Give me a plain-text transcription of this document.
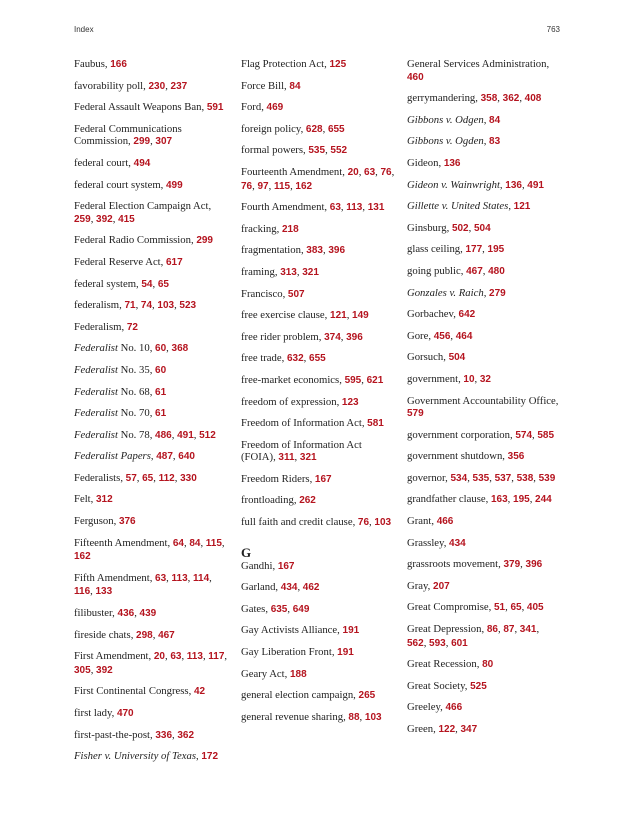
Index	763
Faubus, 166
favorability poll, 230, 237
Federal Assault Weapons Ban, 591
Federal Communications Commission, 299, 307
federal court, 494
federal court system, 499
Federal Election Campaign Act, 259, 392, 415
Federal Radio Commission, 299
Federal Reserve Act, 617
federal system, 54, 65
federalism, 71, 74, 103, 523
Federalism, 72
Federalist No. 10, 60, 368
Federalist No. 35, 60
Federalist No. 68, 61
Federalist No. 70, 61
Federalist No. 78, 486, 491, 512
Federalist Papers, 487, 640
Federalists, 57, 65, 112, 330
Felt, 312
Ferguson, 376
Fifteenth Amendment, 64, 84, 115, 162
Fifth Amendment, 63, 113, 114, 116, 133
filibuster, 436, 439
fireside chats, 298, 467
First Amendment, 20, 63, 113, 117, 305, 392
First Continental Congress, 42
first lady, 470
first-past-the-post, 336, 362
Fisher v. University of Texas, 172
Flag Protection Act, 125
Force Bill, 84
Ford, 469
foreign policy, 628, 655
formal powers, 535, 552
Fourteenth Amendment, 20, 63, 76, 76, 97, 115, 162
Fourth Amendment, 63, 113, 131
fracking, 218
fragmentation, 383, 396
framing, 313, 321
Francisco, 507
free exercise clause, 121, 149
free rider problem, 374, 396
free trade, 632, 655
free-market economics, 595, 621
freedom of expression, 123
Freedom of Information Act, 581
Freedom of Information Act (FOIA), 311, 321
Freedom Riders, 167
frontloading, 262
full faith and credit clause, 76, 103
G
Gandhi, 167
Garland, 434, 462
Gates, 635, 649
Gay Activists Alliance, 191
Gay Liberation Front, 191
Geary Act, 188
general election campaign, 265
general revenue sharing, 88, 103
General Services Administration, 460
gerrymandering, 358, 362, 408
Gibbons v. Odgen, 84
Gibbons v. Ogden, 83
Gideon, 136
Gideon v. Wainwright, 136, 491
Gillette v. United States, 121
Ginsburg, 502, 504
glass ceiling, 177, 195
going public, 467, 480
Gonzales v. Raich, 279
Gorbachev, 642
Gore, 456, 464
Gorsuch, 504
government, 10, 32
Government Accountability Office, 579
government corporation, 574, 585
government shutdown, 356
governor, 534, 535, 537, 538, 539
grandfather clause, 163, 195, 244
Grant, 466
Grassley, 434
grassroots movement, 379, 396
Gray, 207
Great Compromise, 51, 65, 405
Great Depression, 86, 87, 341, 562, 593, 601
Great Recession, 80
Great Society, 525
Greeley, 466
Green, 122, 347
